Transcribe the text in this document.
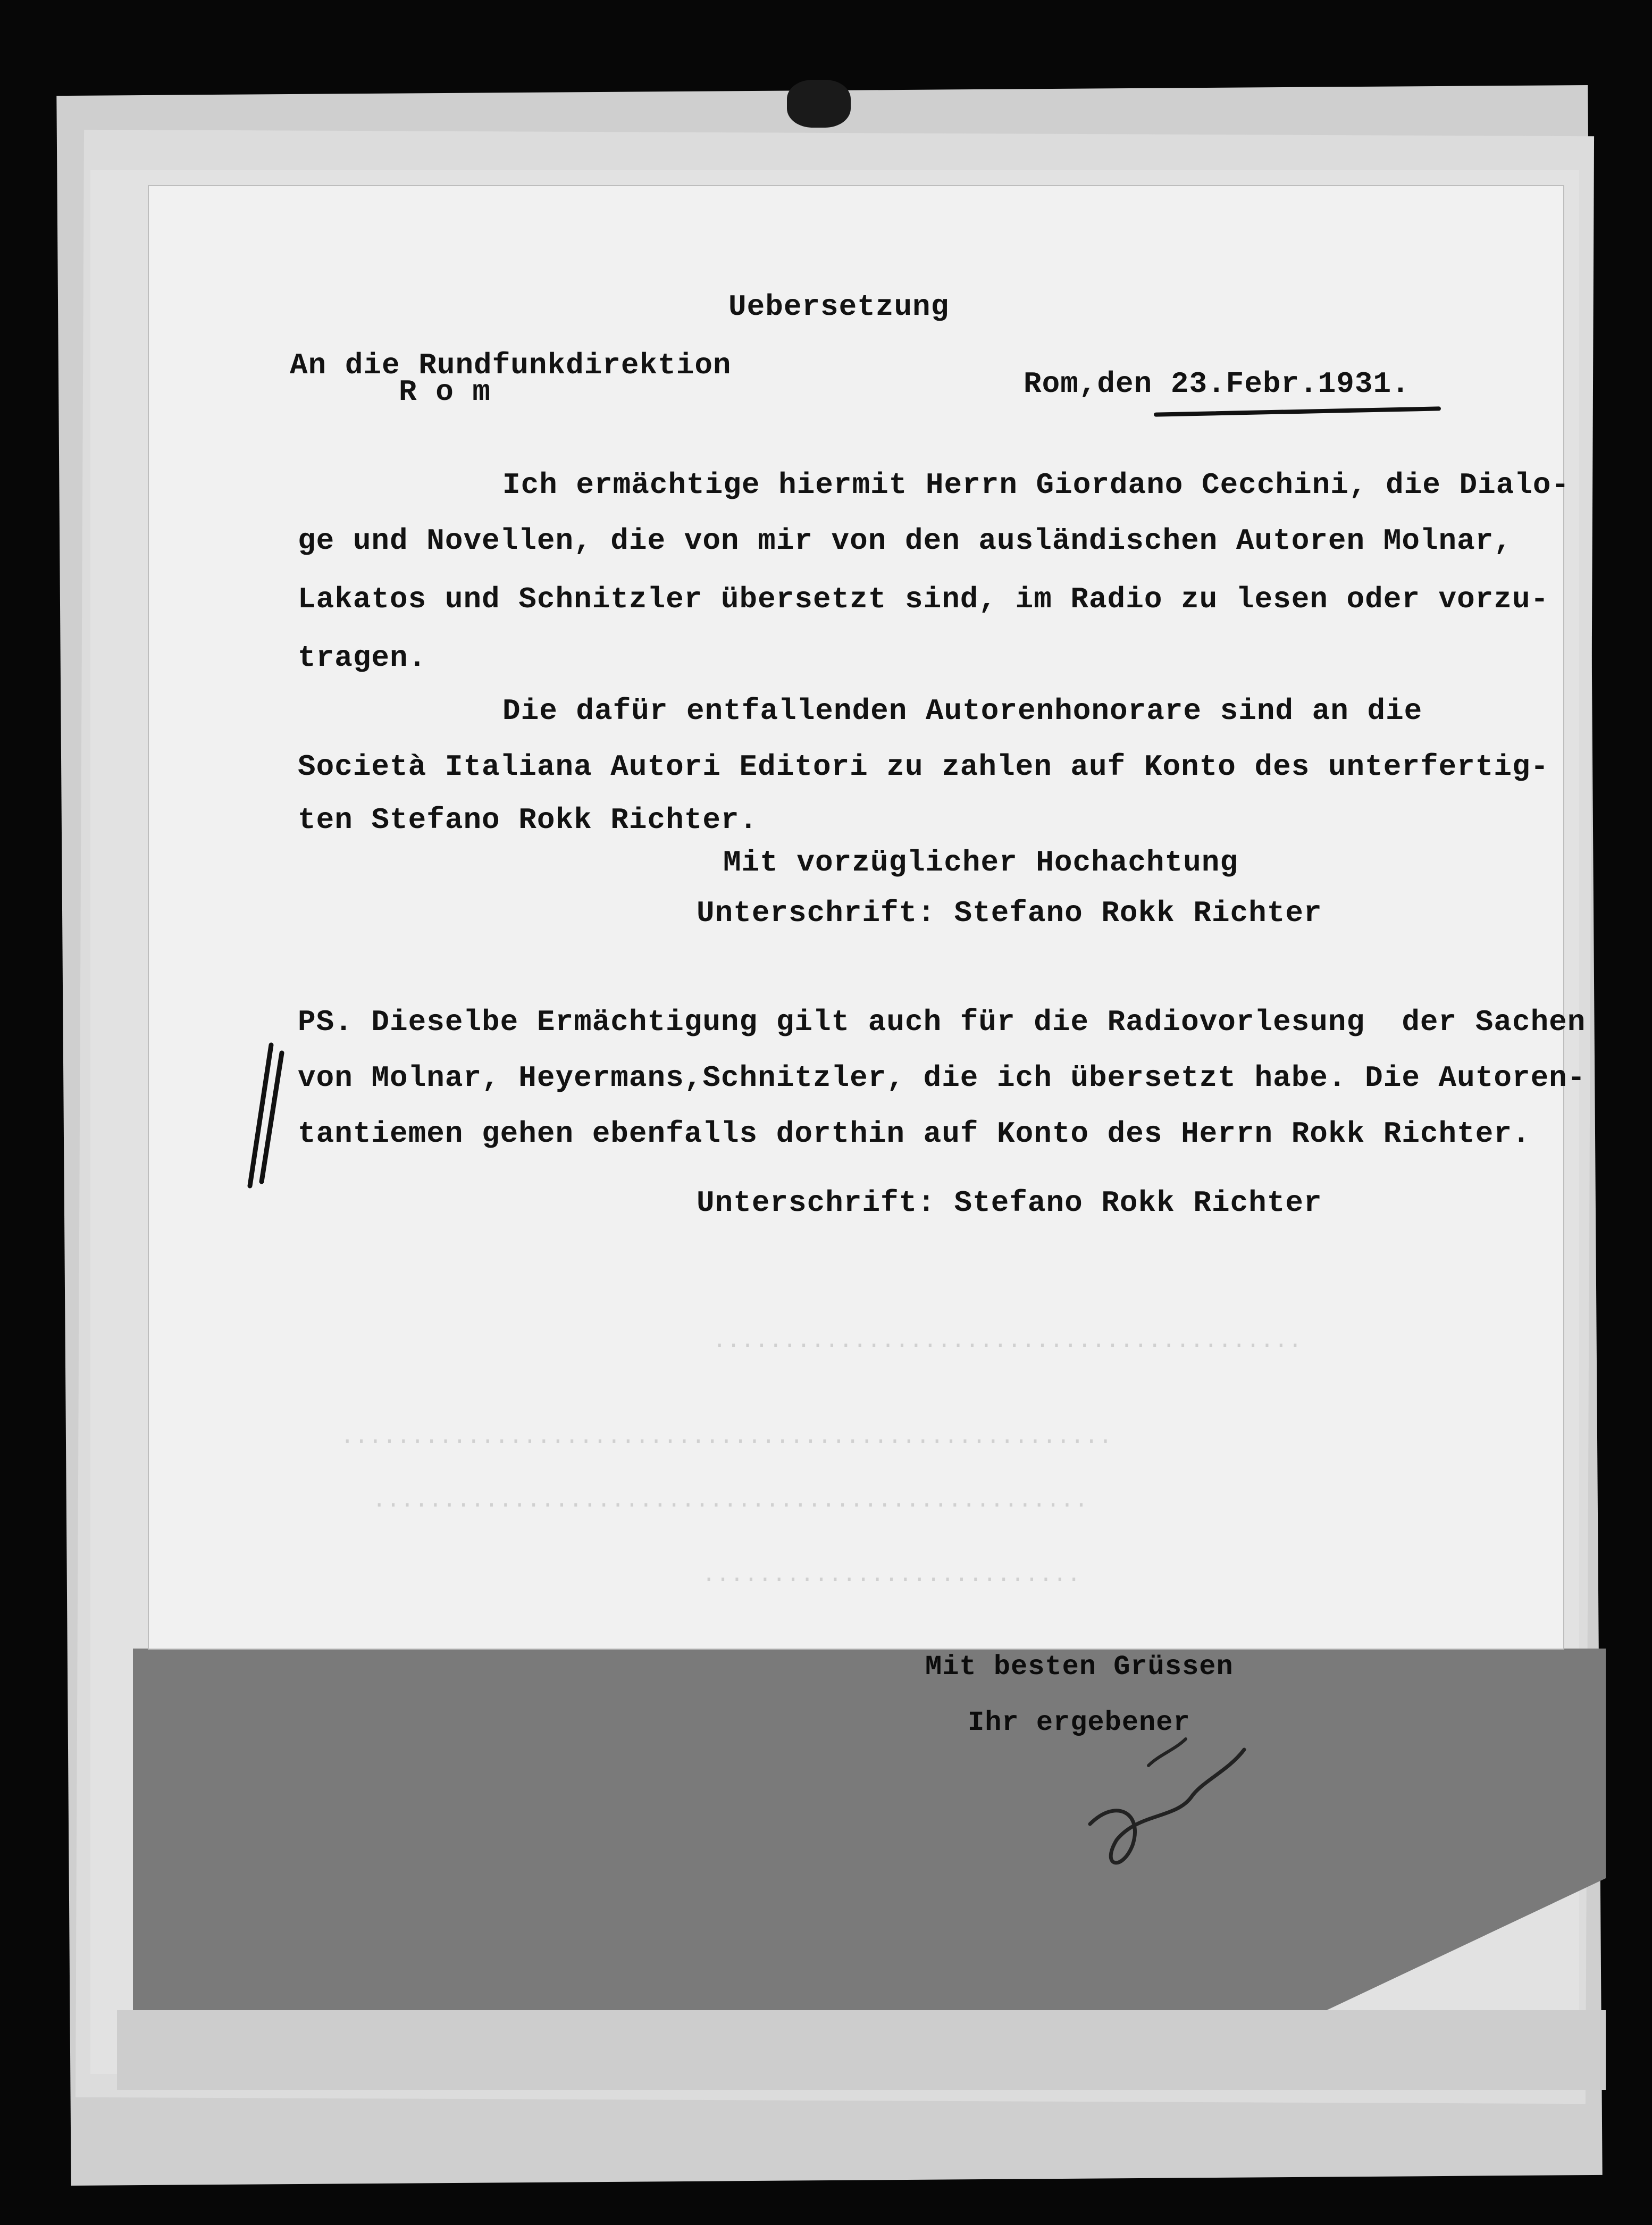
..........................................
.......................................................
...................................................
...........................
Uebersetzung
An die Rundfunkdirektion
R o m	Rom,den 23.Febr.1931.
Ich ermächtige hiermit Herrn Giordano Cecchini, die Dialo-
ge und Novellen, die von mir von den ausländischen Autoren Molnar,
Lakatos und Schnitzler übersetzt sind, im Radio zu lesen oder vorzu-
tragen.
Die dafür entfallenden Autorenhonorare sind an die
Società Italiana Autori Editori zu zahlen auf Konto des unterfertig-
ten Stefano Rokk Richter.
Mit vorzüglicher Hochachtung
Unterschrift: Stefano Rokk Richter
PS. Dieselbe Ermächtigung gilt auch für die Radiovorlesung  der Sachen
von Molnar, Heyermans,Schnitzler, die ich übersetzt habe. Die Autoren-
tantiemen gehen ebenfalls dorthin auf Konto des Herrn Rokk Richter.
Unterschrift: Stefano Rokk Richter
Mit besten Grüssen
Ihr ergebener
